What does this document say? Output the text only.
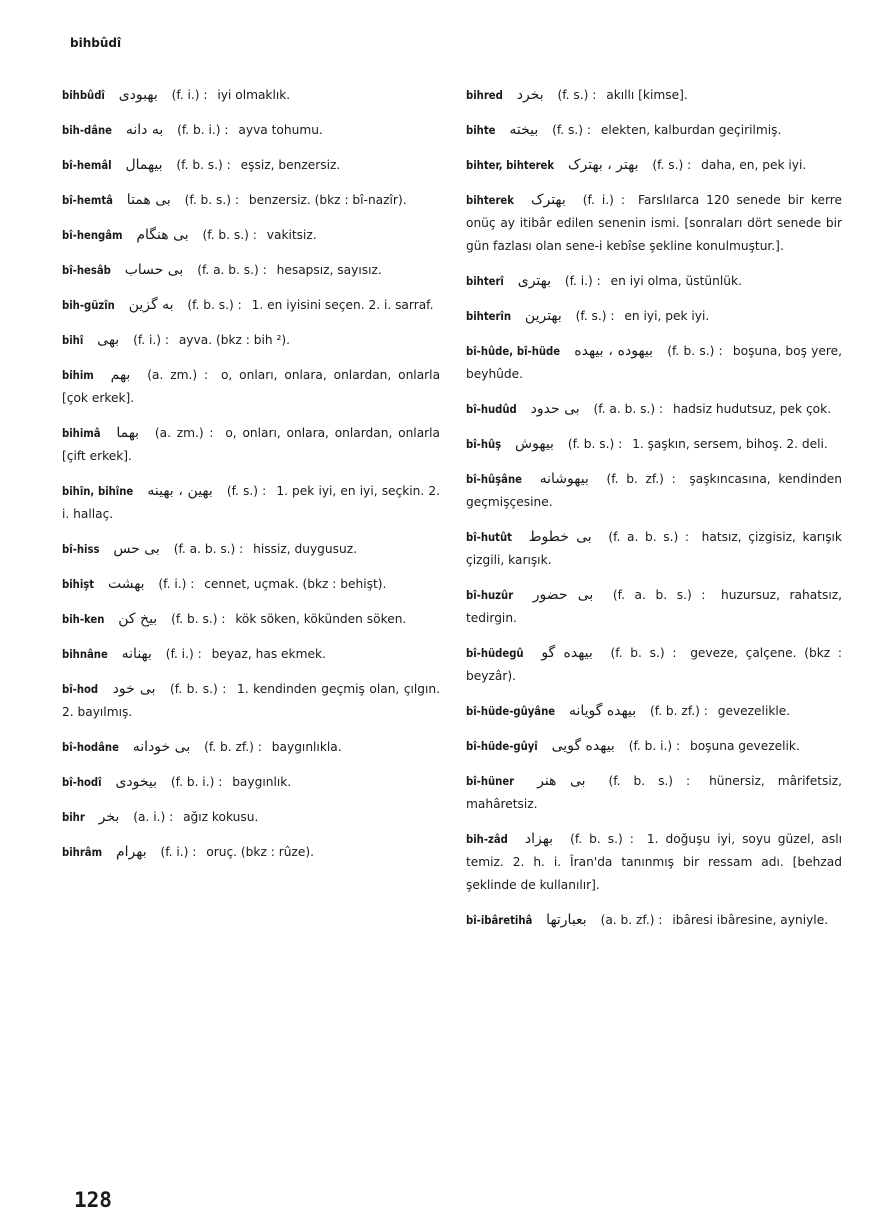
bihbûdî
bihbûdî بهبودی (f. i.) : iyi olmaklık.
bih-dâne به دانه (f. b. i.) : ayva tohumu.
bî-hemâl بیهمال (f. b. s.) : eşsiz, benzersiz.
bî-hemtâ بی همتا (f. b. s.) : benzersiz. (bkz : bî-nazîr).
bî-hengâm بی هنگام (f. b. s.) : vakitsiz.
bî-hesâb بی حساب (f. a. b. s.) : hesapsız, sayısız.
bih-güzîn به گزین (f. b. s.) : 1. en iyisini seçen. 2. i. sarraf.
bihî بهی (f. i.) : ayva. (bkz : bih ²).
bihim بهم (a. zm.) : o, onları, onlara, onlardan, onlarla [çok erkek].
bihimâ بهما (a. zm.) : o, onları, onlara, onlardan, onlarla [çift erkek].
bihîn, bihîne بهین ، بهینه (f. s.) : 1. pek iyi, en iyi, seçkin. 2. i. hallaç.
bî-hiss بی حس (f. a. b. s.) : hissiz, duygusuz.
bihişt بهشت (f. i.) : cennet, uçmak. (bkz : behişt).
bih-ken بیخ کن (f. b. s.) : kök söken, kökünden söken.
bihnâne بهنانه (f. i.) : beyaz, has ekmek.
bî-hod بی خود (f. b. s.) : 1. kendinden geçmiş olan, çılgın. 2. bayılmış.
bî-hodâne بی خودانه (f. b. zf.) : baygınlıkla.
bî-hodî بیخودی (f. b. i.) : baygınlık.
bihr بخر (a. i.) : ağız kokusu.
bihrâm بهرام (f. i.) : oruç. (bkz : rûze).
bihred بخرد (f. s.) : akıllı [kimse].
bihte بیخته (f. s.) : elekten, kalburdan geçirilmiş.
bihter, bihterek بهتر ، بهترک (f. s.) : daha, en, pek iyi.
bihterek بهترک (f. i.) : Farslılarca 120 senede bir kerre onüç ay itibâr edilen senenin ismi. [sonraları dört senede bir gün fazlası olan sene-i kebîse şekline konulmuştur.].
bihterî بهتری (f. i.) : en iyi olma, üstünlük.
bihterîn بهترین (f. s.) : en iyi, pek iyi.
bî-hûde, bî-hüde بیهوده ، بیهده (f. b. s.) : boşuna, boş yere, beyhûde.
bî-hudûd بی حدود (f. a. b. s.) : hadsiz hudutsuz, pek çok.
bî-hûş بیهوش (f. b. s.) : 1. şaşkın, sersem, bihoş. 2. deli.
bî-hûşâne بیهوشانه (f. b. zf.) : şaşkıncasına, kendinden geçmişçesine.
bî-hutût بی خطوط (f. a. b. s.) : hatsız, çizgisiz, karışık çizgili, karışık.
bî-huzûr بی حضور (f. a. b. s.) : huzursuz, rahatsız, tedirgin.
bî-hüdegû بیهده گو (f. b. s.) : geveze, çalçene. (bkz : beyzâr).
bî-hüde-gûyâne بیهده گویانه (f. b. zf.) : gevezelikle.
bî-hüde-gûyî بیهده گویی (f. b. i.) : boşuna gevezelik.
bî-hüner بی هنر (f. b. s.) : hünersiz, mârifetsiz, mahâretsiz.
bih-zâd بهزاد (f. b. s.) : 1. doğuşu iyi, soyu güzel, aslı temiz. 2. h. i. Îran'da tanınmış bir ressam adı. [behzad şeklinde de kullanılır].
bî-ibâretihâ بعبارتها (a. b. zf.) : ibâresi ibâresine, ayniyle.
128
